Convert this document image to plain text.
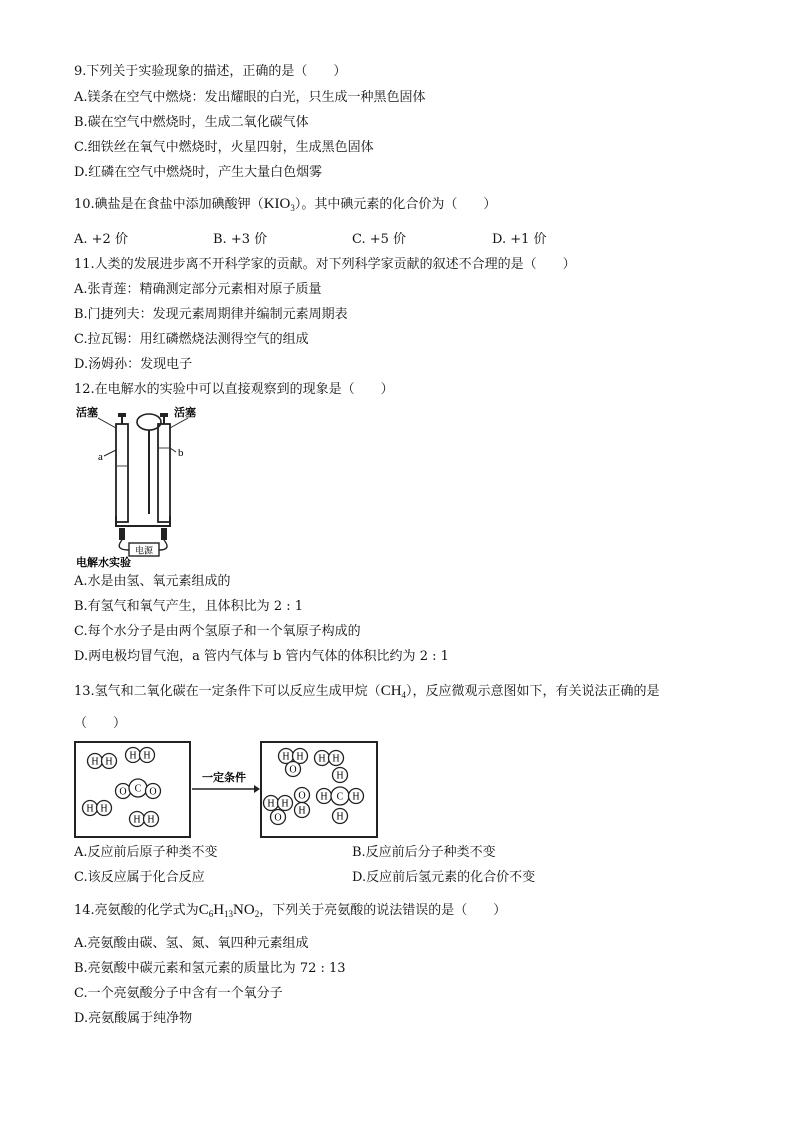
9.下列关于实验现象的描述，正确的是（　　）
A.镁条在空气中燃烧：发出耀眼的白光，只生成一种黑色固体
B.碳在空气中燃烧时，生成二氧化碳气体
C.细铁丝在氧气中燃烧时，火星四射，生成黑色固体
D.红磷在空气中燃烧时，产生大量白色烟雾
10.碘盐是在食盐中添加碘酸钾$(KIO_3)$。其中碘元素的化合价为（　　）
A. +2 价	B. +3 价	C. +5 价	D. +1 价
11.人类的发展进步离不开科学家的贡献。对下列科学家贡献的叙述不合理的是（　　）
A.张青莲：精确测定部分元素相对原子质量
B.门捷列夫：发现元素周期律并编制元素周期表
C.拉瓦锡：用红磷燃烧法测得空气的组成
D.汤姆孙：发现电子
12.在电解水的实验中可以直接观察到的现象是（　　）
电源
活塞	活塞
a	b
电解水实验
A.水是由氢、氧元素组成的
B.有氢气和氧气产生，且体积比为 2 : 1
C.每个水分子是由两个氢原子和一个氧原子构成的
D.两电极均冒气泡，a 管内气体与 b 管内气体的体积比约为 2 : 1
13.氢气和二氧化碳在一定条件下可以反应生成甲烷$(CH_4)$，反应微观示意图如下，有关说法正确的是
（　　）
H H
H H
O C O
H H
H H
一定条件
H H
O
H H
H
H C H
H
H H
O
O
H
A.反应前后原子种类不变	B.反应前后分子种类不变
C.该反应属于化合反应	D.反应前后氢元素的化合价不变
14.亮氨酸的化学式为$C_6H_{13}NO_2$，下列关于亮氨酸的说法错误的是（　　）
A.亮氨酸由碳、氢、氮、氧四种元素组成
B.亮氨酸中碳元素和氢元素的质量比为 72 : 13
C.一个亮氨酸分子中含有一个氧分子
D.亮氨酸属于纯净物
